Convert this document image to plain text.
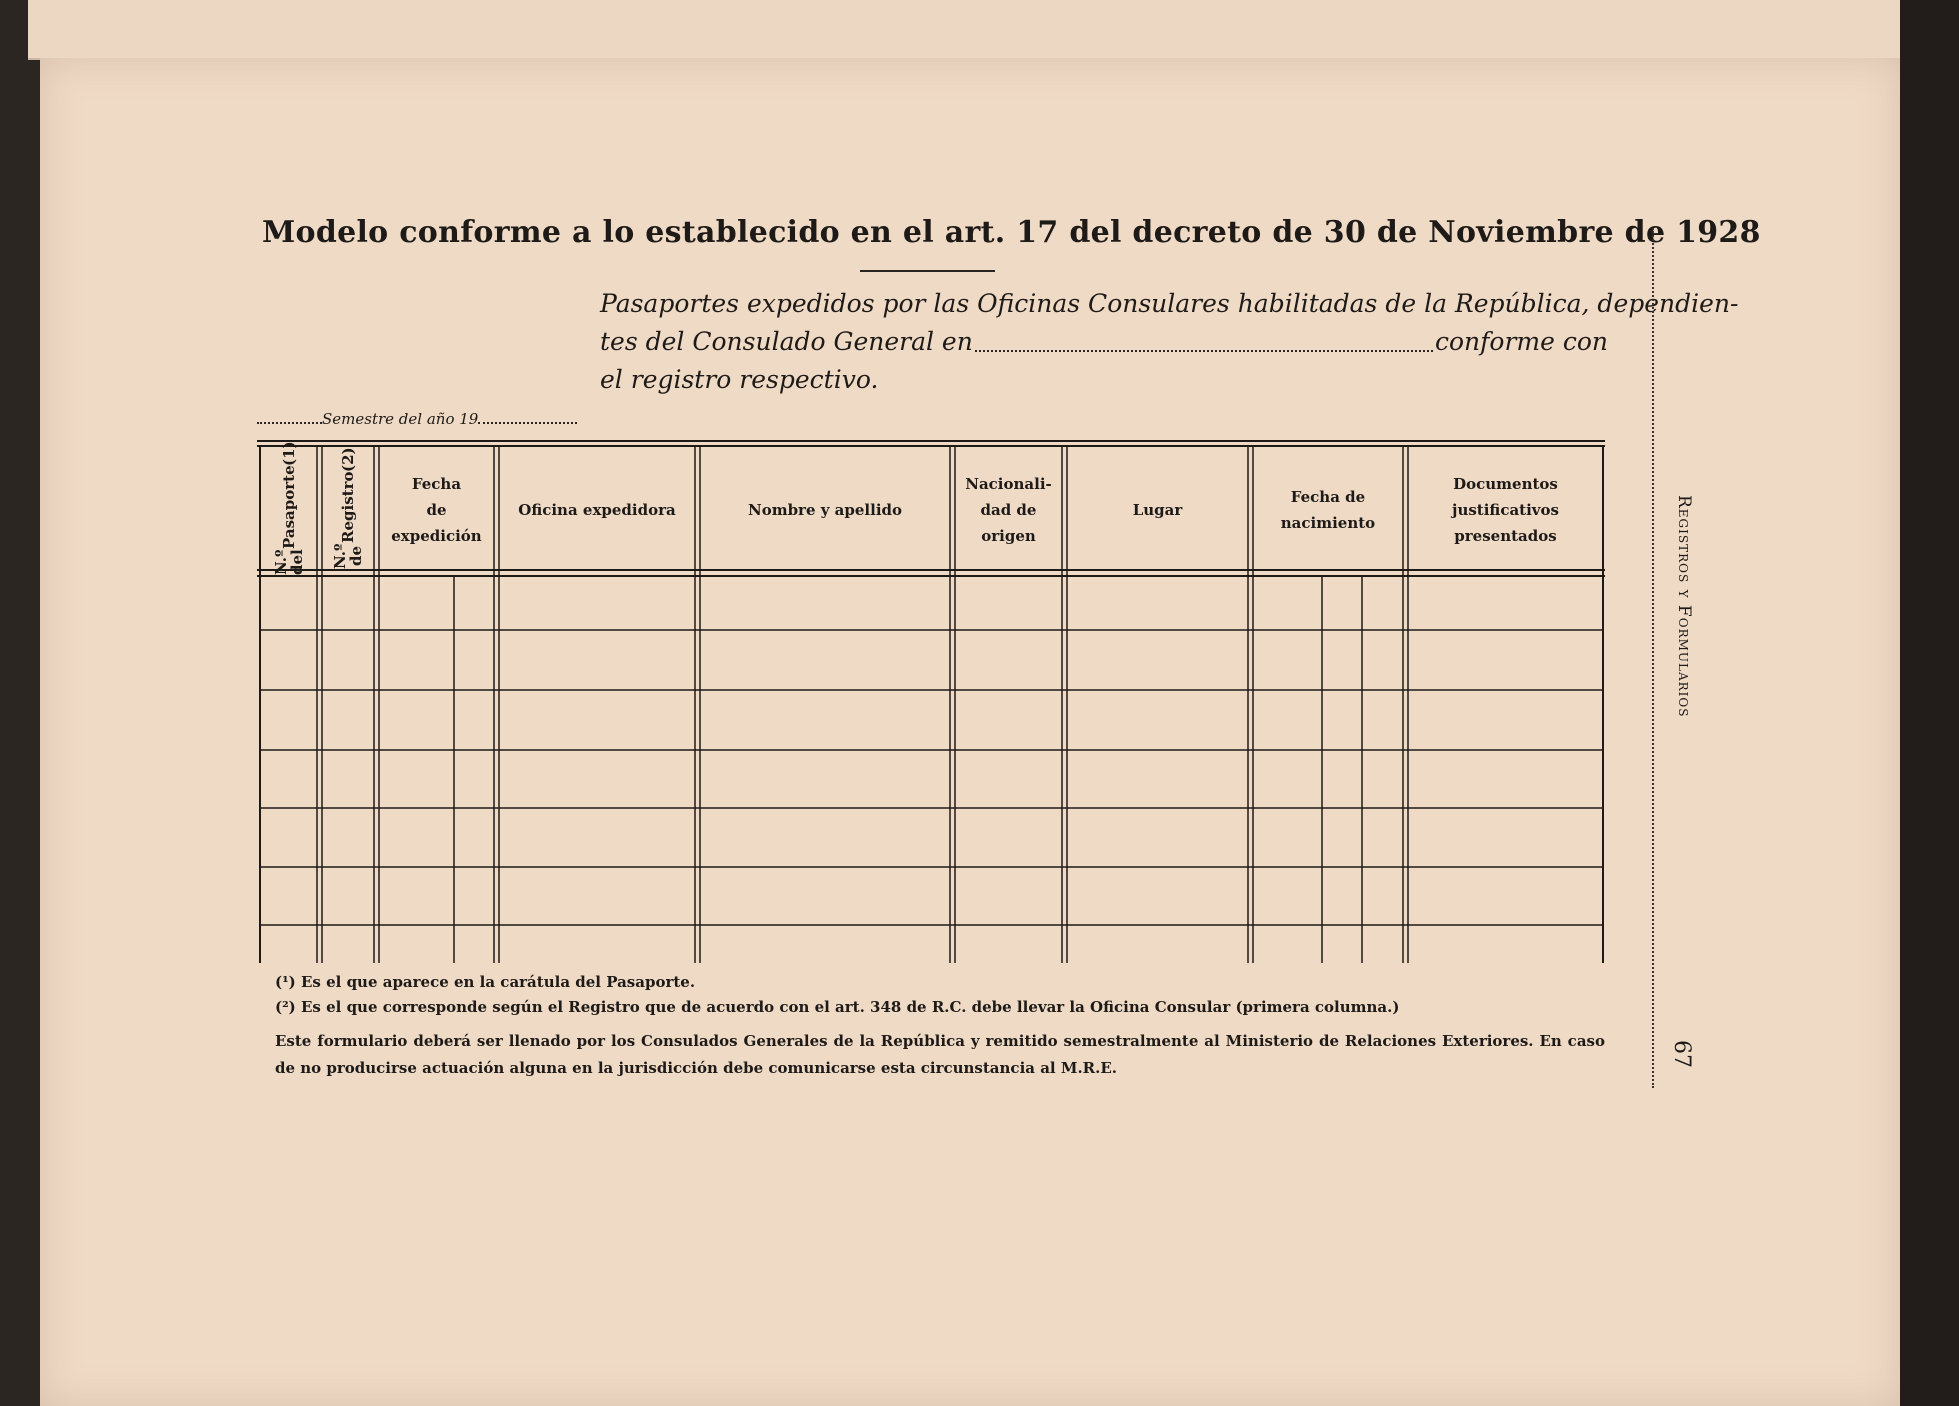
Modelo conforme a lo establecido en el art. 17 del decreto de 30 de Noviembre de 1928
Pasaportes expedidos por las Oficinas Consulares habilitadas de la República, dependien-
tes del Consulado General en	conforme con
el registro respectivo.
Semestre del año 19
N.º del
Pasaporte
(1)
N.º de
Registro
(2)
Fecha
de
expedición
Oficina expedidora	Nombre y apellido
Nacionali-
dad de
origen
Lugar
Fecha de
nacimiento
Documentos
justificativos
presentados
(¹) Es el que aparece en la carátula del Pasaporte.
(²) Es el que corresponde según el Registro que de acuerdo con el art. 348 de R.C. debe llevar la Oficina Consular (primera columna.)
Este formulario deberá ser llenado por los Consulados Generales de la República y remitido semestralmente al Ministerio de Relaciones Exteriores. En caso de no producirse actuación alguna en la jurisdicción debe comunicarse esta circunstancia al M.R.E.
Registros y Formularios
67
